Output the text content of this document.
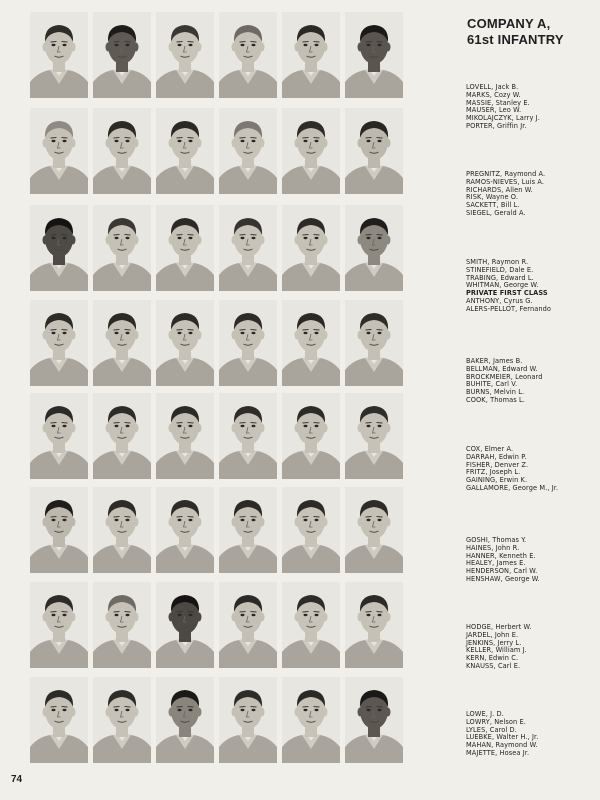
COMPANY A,
61st INFANTRY
LOVELL, Jack B.
MARKS, Cozy W.
MASSIE, Stanley E.
MAUSER, Leo W.
MIKOLAJCZYK, Larry J.
PORTER, Griffin Jr.
PREGNITZ, Raymond A.
RAMOS-NIEVES, Luis A.
RICHARDS, Allen W.
RISK, Wayne O.
SACKETT, Bill L.
SIEGEL, Gerald A.
SMITH, Raymon R.
STINEFIELD, Dale E.
TRABING, Edward L.
WHITMAN, George W.
PRIVATE FIRST CLASS
ANTHONY, Cyrus G.
ALERS-PELLOT, Fernando
BAKER, James B.
BELLMAN, Edward W.
BROCKMEIER, Leonard
BUHITE, Carl V.
BURNS, Melvin L.
COOK, Thomas L.
COX, Elmer A.
DARRAH, Edwin P.
FISHER, Denver Z.
FRITZ, Joseph L.
GAINING, Erwin K.
GALLAMORE, George M., Jr.
GOSHI, Thomas Y.
HAINES, John R.
HANNER, Kenneth E.
HEALEY, James E.
HENDERSON, Carl W.
HENSHAW, George W.
HODGE, Herbert W.
JARDEL, John E.
JENKINS, Jerry L.
KELLER, William J.
KERN, Edwin C.
KNAUSS, Carl E.
LOWE, J. D.
LOWRY, Nelson E.
LYLES, Carol D.
LUEBKE, Walter H., Jr.
MAHAN, Raymond W.
MAJETTE, Hosea Jr.
74
